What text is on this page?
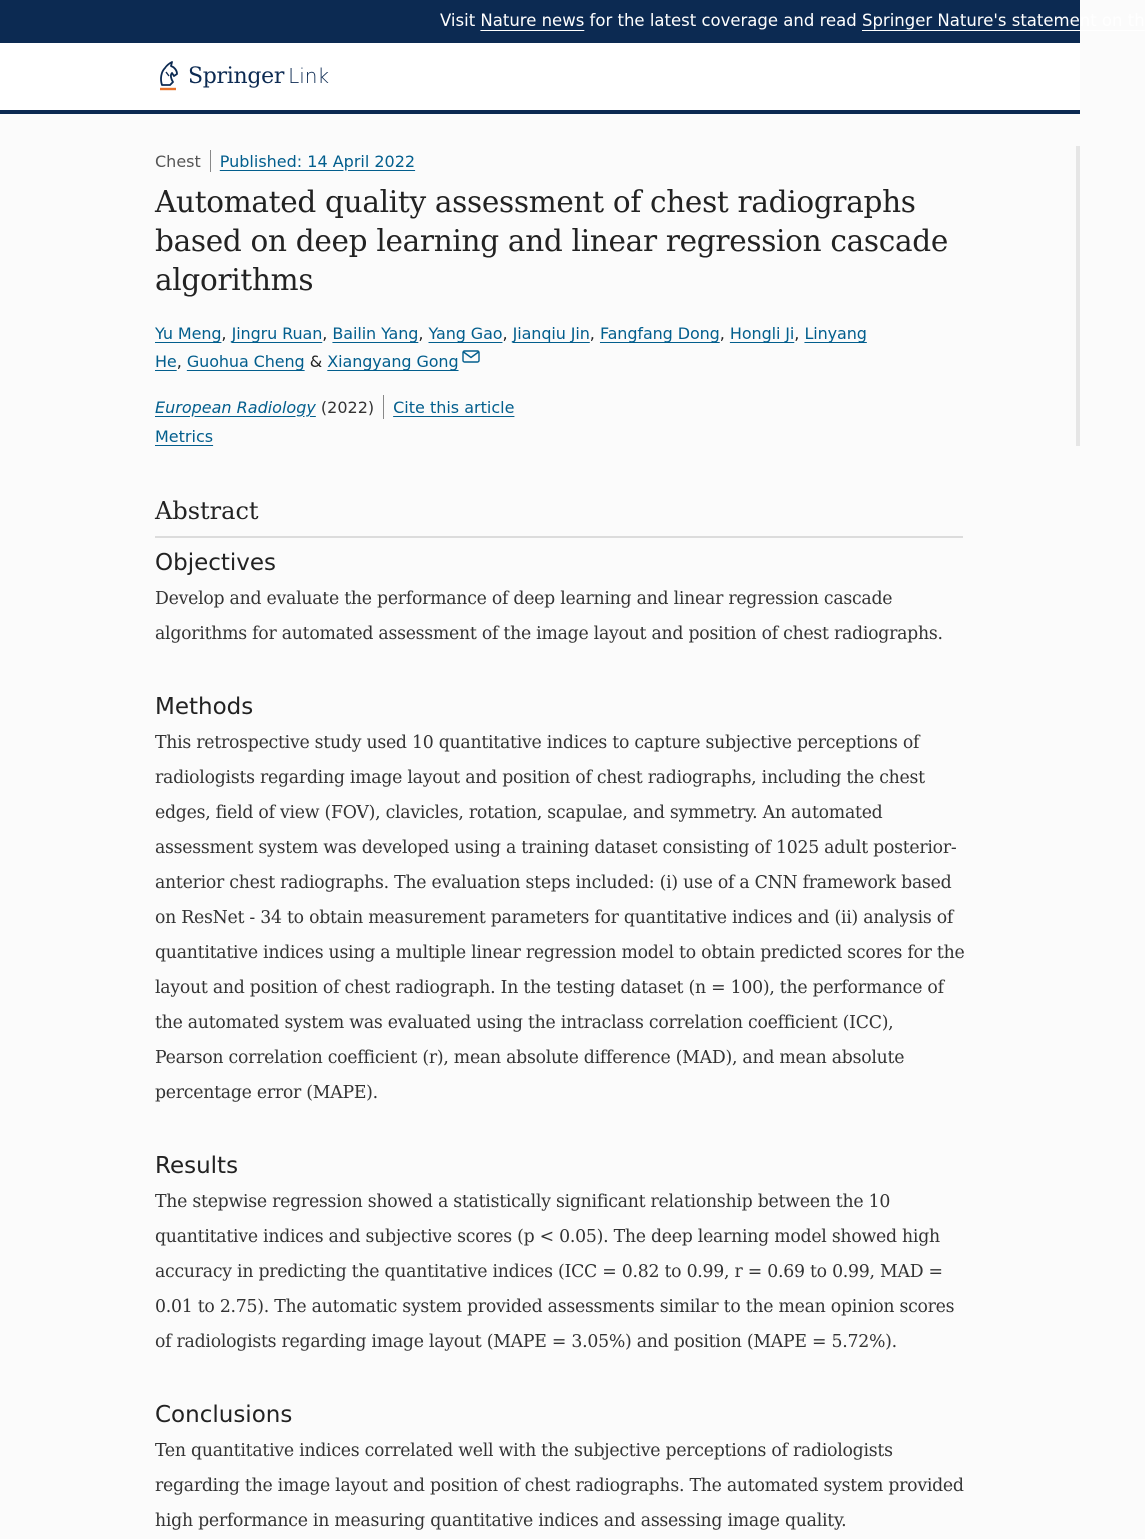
Visit Nature news for the latest coverage and read Springer Nature's statement on th
Springer Link
Chest Published: 14 April 2022
Automated quality assessment of chest radiographs based on deep learning and linear regression cascade algorithms
Yu Meng, Jingru Ruan, Bailin Yang, Yang Gao, Jianqiu Jin, Fangfang Dong, Hongli Ji, Linyang He, Guohua Cheng & Xiangyang Gong
European Radiology (2022) Cite this article
Metrics
Abstract
Objectives

Develop and evaluate the performance of deep learning and linear regression cascade algorithms for automated assessment of the image layout and position of chest radiographs.

Methods

This retrospective study used 10 quantitative indices to capture subjective perceptions of radiologists regarding image layout and position of chest radiographs, including the chest edges, field of view (FOV), clavicles, rotation, scapulae, and symmetry. An automated assessment system was developed using a training dataset consisting of 1025 adult posterior-anterior chest radiographs. The evaluation steps included: (i) use of a CNN framework based on ResNet - 34 to obtain measurement parameters for quantitative indices and (ii) analysis of quantitative indices using a multiple linear regression model to obtain predicted scores for the layout and position of chest radiograph. In the testing dataset (n = 100), the performance of the automated system was evaluated using the intraclass correlation coefficient (ICC), Pearson correlation coefficient (r), mean absolute difference (MAD), and mean absolute percentage error (MAPE).

Results

The stepwise regression showed a statistically significant relationship between the 10 quantitative indices and subjective scores (p < 0.05). The deep learning model showed high accuracy in predicting the quantitative indices (ICC = 0.82 to 0.99, r = 0.69 to 0.99, MAD = 0.01 to 2.75). The automatic system provided assessments similar to the mean opinion scores of radiologists regarding image layout (MAPE = 3.05%) and position (MAPE = 5.72%).

Conclusions

Ten quantitative indices correlated well with the subjective perceptions of radiologists regarding the image layout and position of chest radiographs. The automated system provided high performance in measuring quantitative indices and assessing image quality.
